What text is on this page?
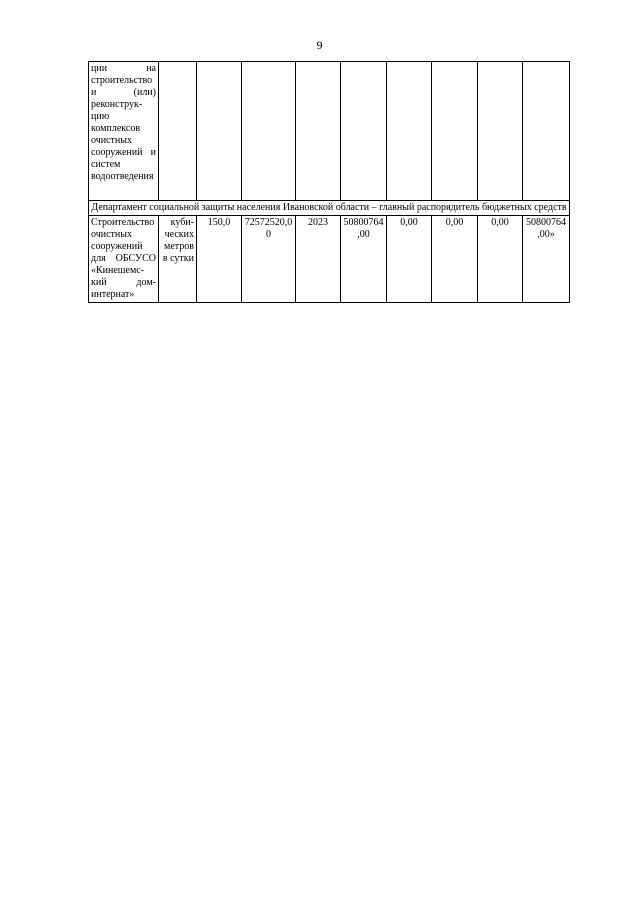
9
ции на строительство и (или) реконструкцию комплексов очистных сооружений и систем водоотведения									
Департамент социальной защиты населения Ивановской области – главный распорядитель бюджетных средств									
Строительство очистных сооружений для ОБСУСО «Кинешемский дом-интернат»	кубических метров в сутки	150,0	72572520,00	2023	50800764,00	0,00	0,00	0,00	50800764,00»
